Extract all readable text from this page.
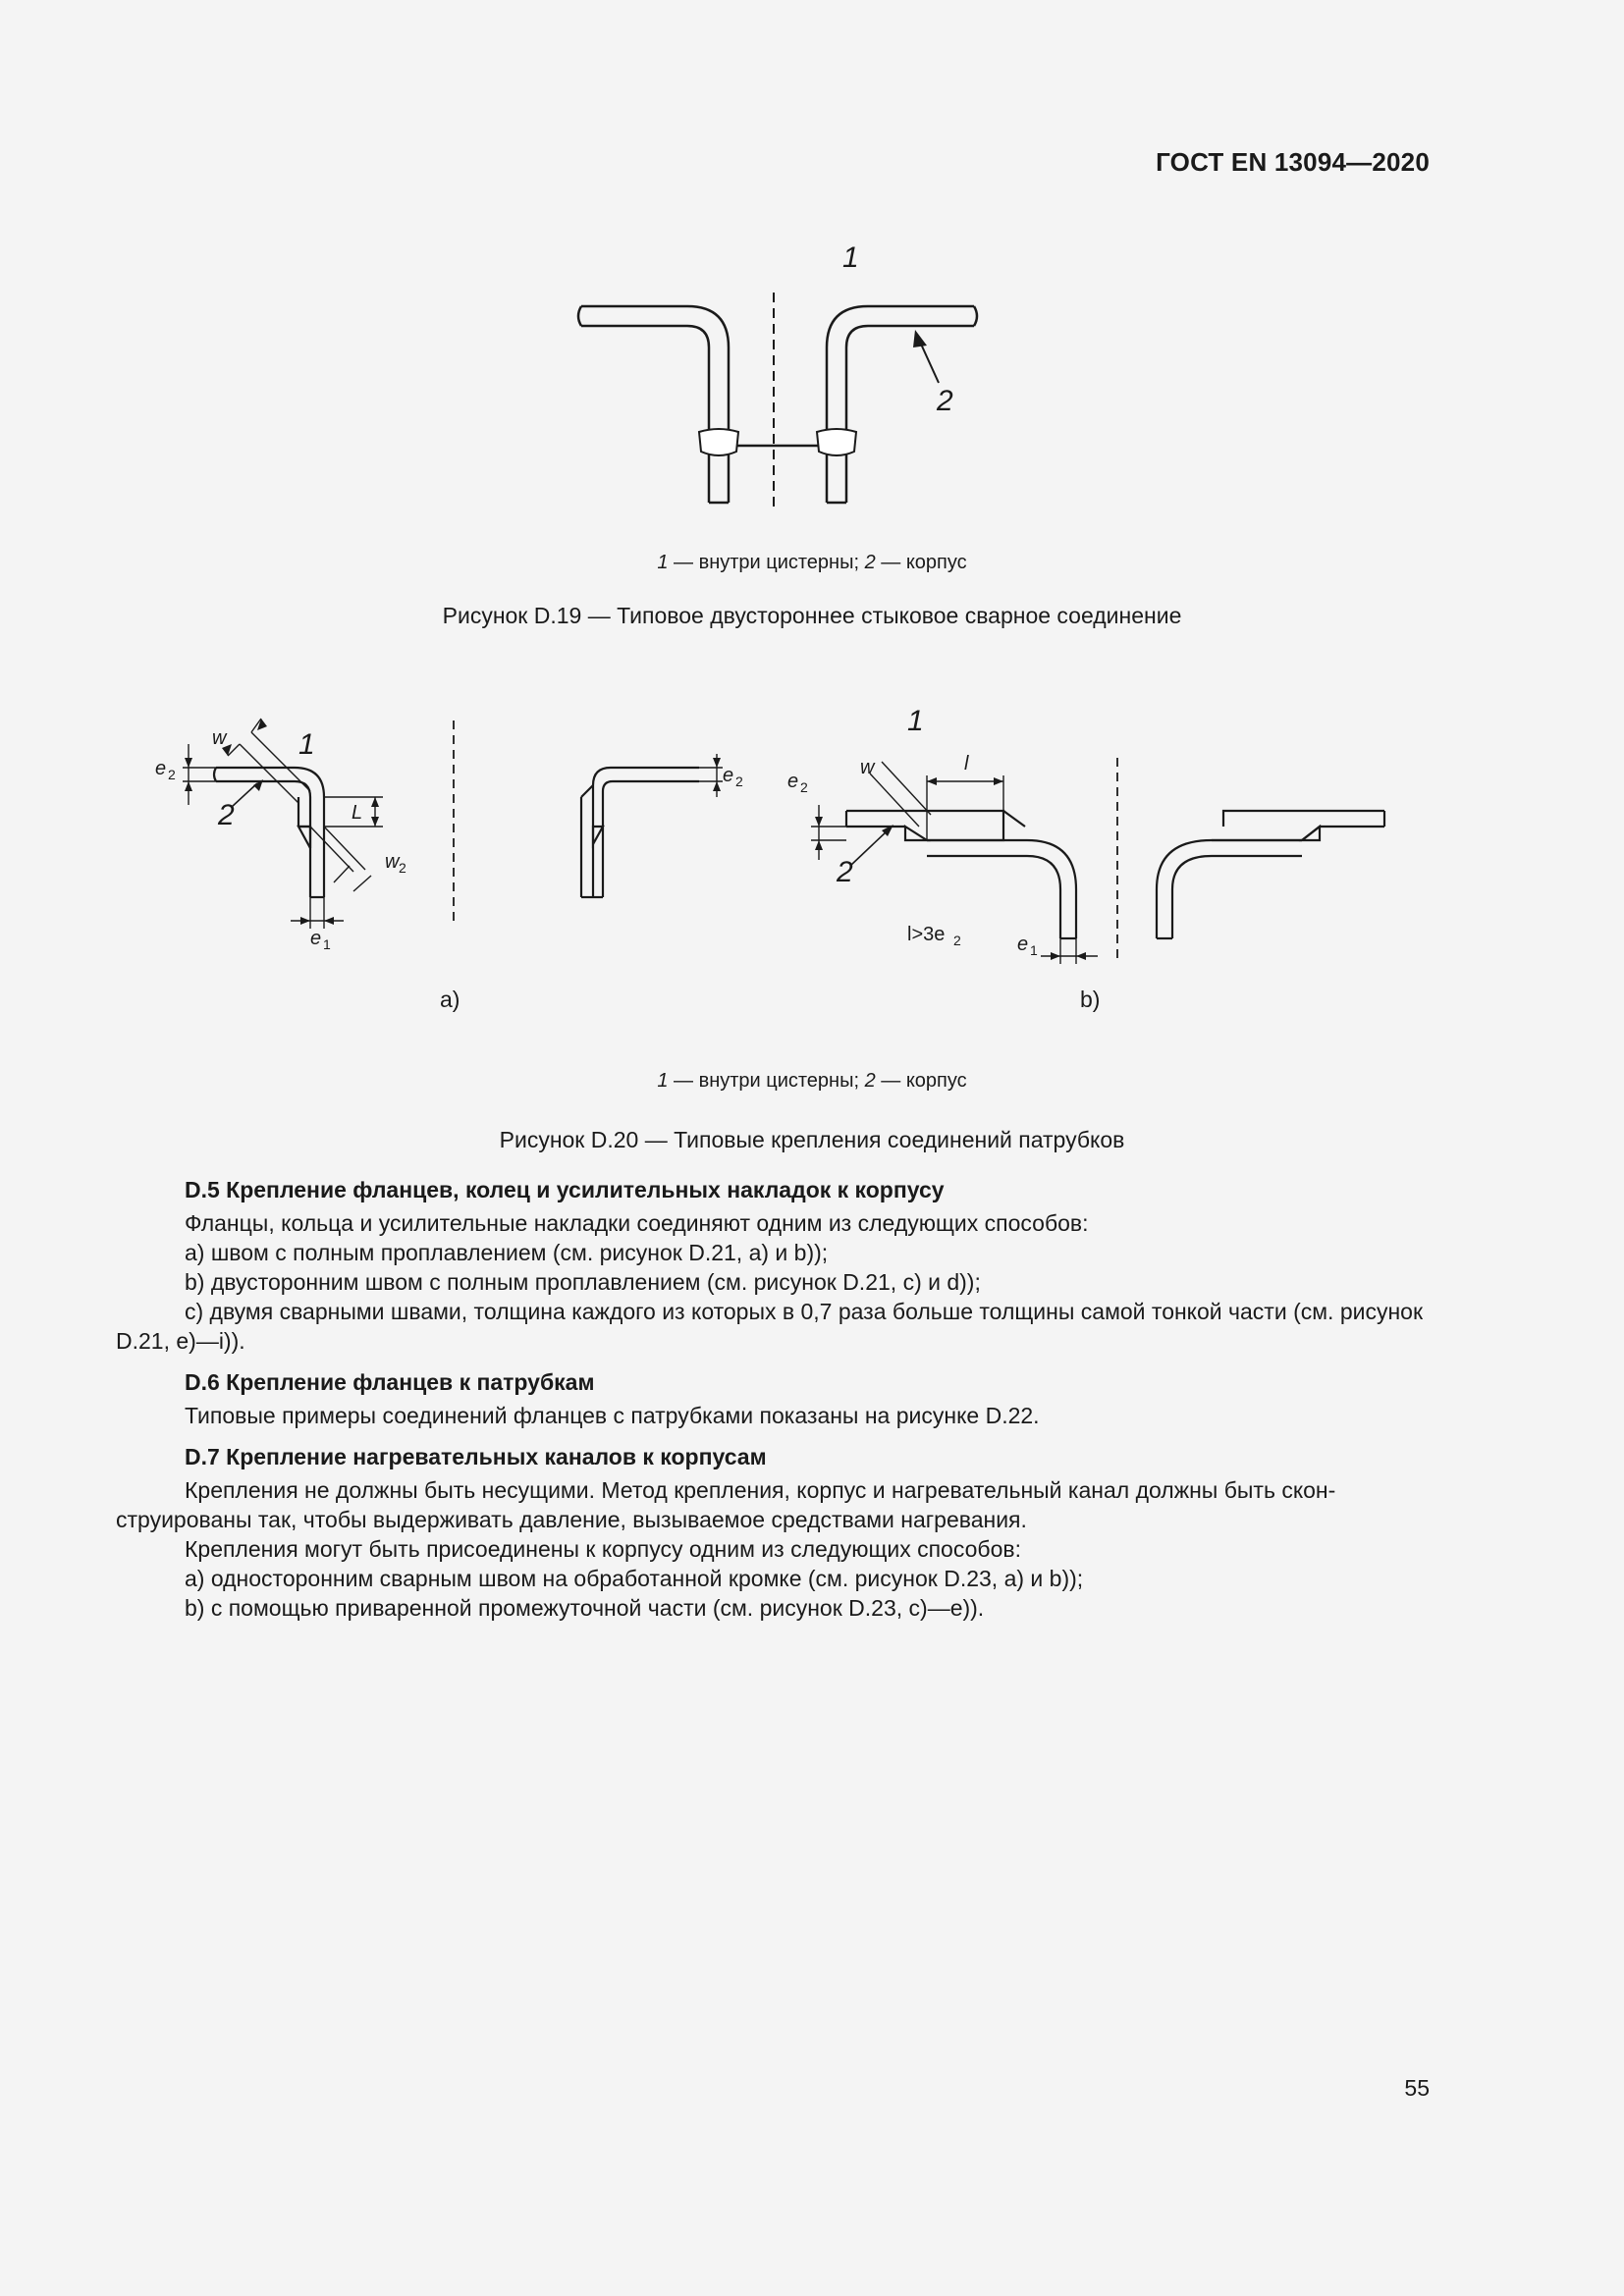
ГОСТ EN 13094—2020
1
2
1 — внутри цистерны; 2 — корпус
Рисунок D.19 — Типовое двустороннее стыковое сварное соединение
w 1
e 2
2	L
w 2
e 1
e 2
a)
1
l
w
e 2
2
l>3e 2	e 1
b)
1 — внутри цистерны; 2 — корпус
Рисунок D.20 — Типовые крепления соединений патрубков
D.5 Крепление фланцев, колец и усилительных накладок к корпусу

Фланцы, кольца и усилительные накладки соединяют одним из следующих способов:

a) швом с полным проплавлением (см. рисунок D.21, a) и b));

b) двусторонним швом с полным проплавлением (см. рисунок D.21, c) и d));

c) двумя сварными швами, толщина каждого из которых в 0,7 раза больше толщины самой тонкой части (см. рисунок D.21, e)—i)).

D.6 Крепление фланцев к патрубкам

Типовые примеры соединений фланцев с патрубками показаны на рисунке D.22.

D.7 Крепление нагревательных каналов к корпусам

Крепления не должны быть несущими. Метод крепления, корпус и нагревательный канал должны быть скон-струированы так, чтобы выдерживать давление, вызываемое средствами нагревания.

Крепления могут быть присоединены к корпусу одним из следующих способов:

a) односторонним сварным швом на обработанной кромке (см. рисунок D.23, a) и b));

b) с помощью приваренной промежуточной части (см. рисунок D.23, c)—e)).

55
